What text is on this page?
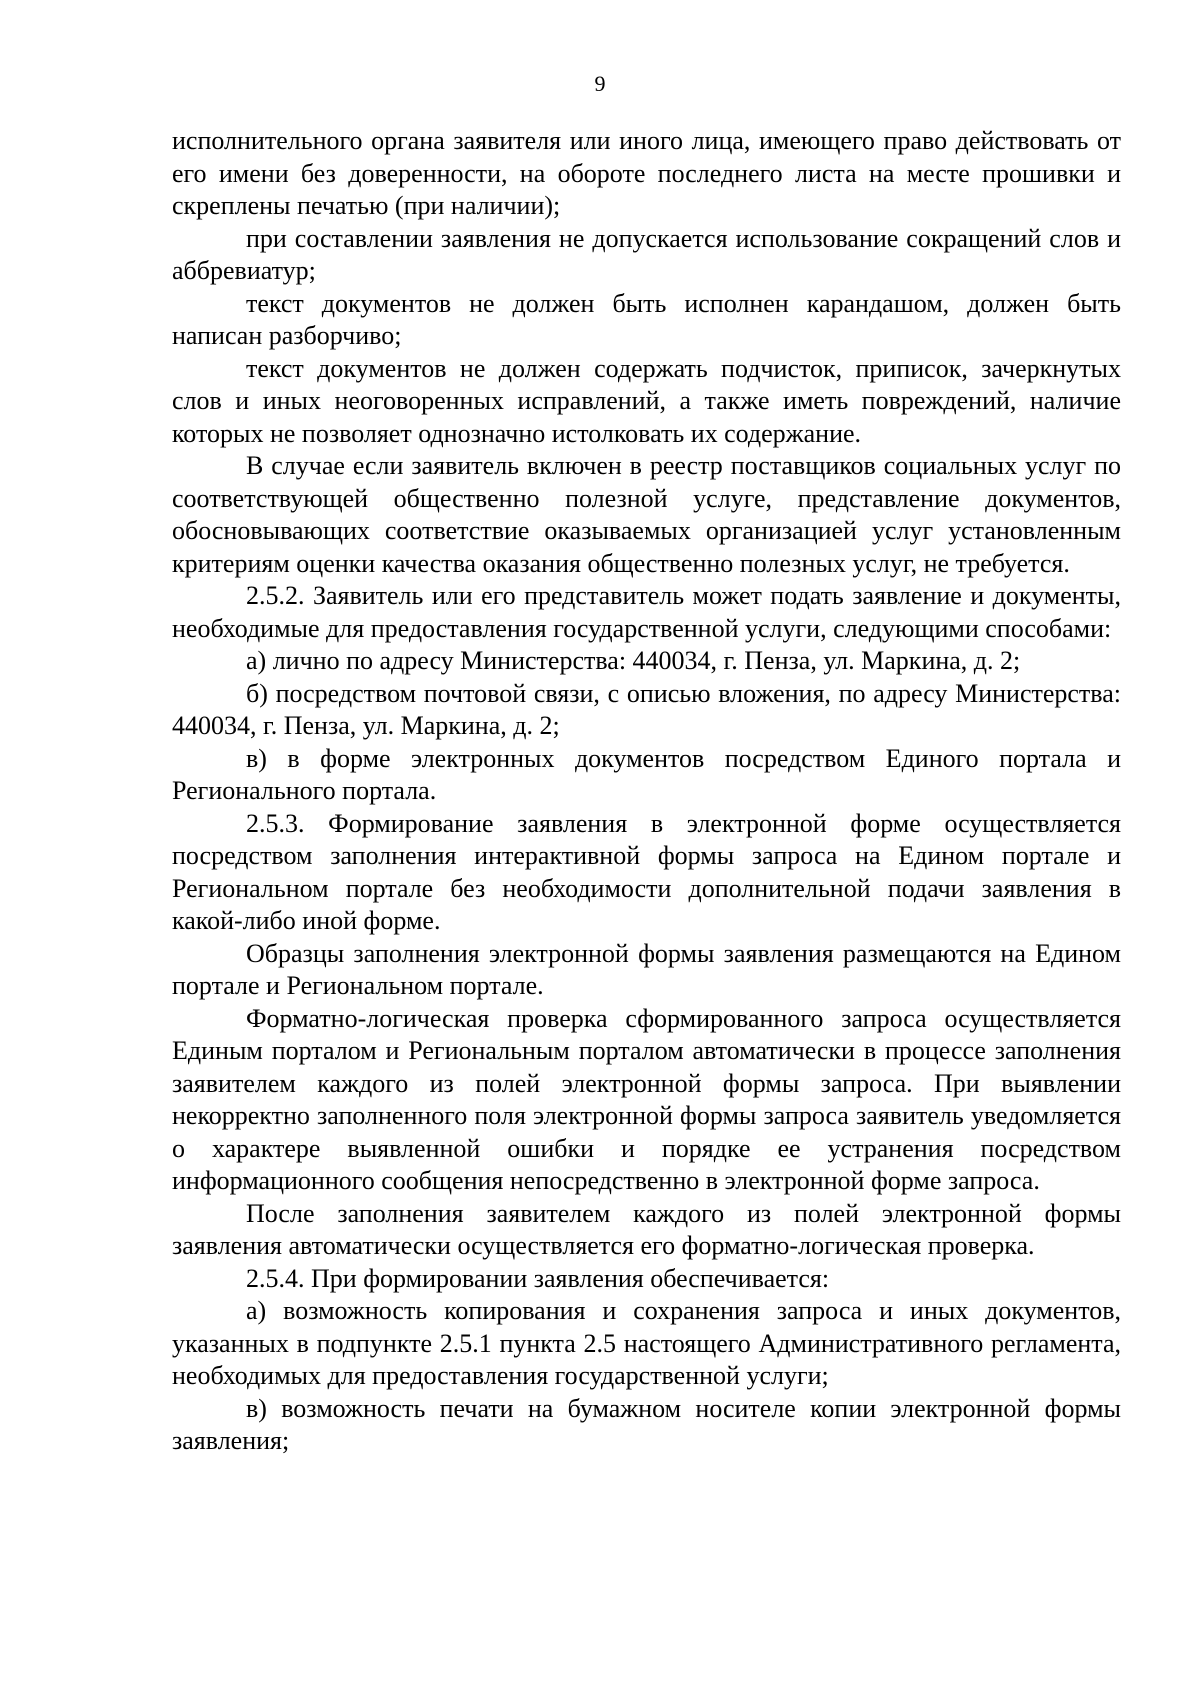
9

исполнительного органа заявителя или иного лица, имеющего право действовать от его имени без доверенности, на обороте последнего листа на месте прошивки и скреплены печатью (при наличии);

при составлении заявления не допускается использование сокращений слов и аббревиатур;

текст документов не должен быть исполнен карандашом, должен быть написан разборчиво;

текст документов не должен содержать подчисток, приписок, зачеркнутых слов и иных неоговоренных исправлений, а также иметь повреждений, наличие которых не позволяет однозначно истолковать их содержание.

В случае если заявитель включен в реестр поставщиков социальных услуг по соответствующей общественно полезной услуге, представление документов, обосновывающих соответствие оказываемых организацией услуг установленным критериям оценки качества оказания общественно полезных услуг, не требуется.

2.5.2. Заявитель или его представитель может подать заявление и документы, необходимые для предоставления государственной услуги, следующими способами:

а) лично по адресу Министерства: 440034, г. Пенза, ул. Маркина, д. 2;

б) посредством почтовой связи, с описью вложения, по адресу Министерства: 440034, г. Пенза, ул. Маркина, д. 2;

в) в форме электронных документов посредством Единого портала и Регионального портала.

2.5.3. Формирование заявления в электронной форме осуществляется посредством заполнения интерактивной формы запроса на Едином портале и Региональном портале без необходимости дополнительной подачи заявления в какой-либо иной форме.

Образцы заполнения электронной формы заявления размещаются на Едином портале и Региональном портале.

Форматно-логическая проверка сформированного запроса осуществляется Единым порталом и Региональным порталом автоматически в процессе заполнения заявителем каждого из полей электронной формы запроса. При выявлении некорректно заполненного поля электронной формы запроса заявитель уведомляется о характере выявленной ошибки и порядке ее устранения посредством информационного сообщения непосредственно в электронной форме запроса.

После заполнения заявителем каждого из полей электронной формы заявления автоматически осуществляется его форматно-логическая проверка.

2.5.4. При формировании заявления обеспечивается:

а) возможность копирования и сохранения запроса и иных документов, указанных в подпункте 2.5.1 пункта 2.5 настоящего Административного регламента, необходимых для предоставления государственной услуги;

в) возможность печати на бумажном носителе копии электронной формы заявления;
